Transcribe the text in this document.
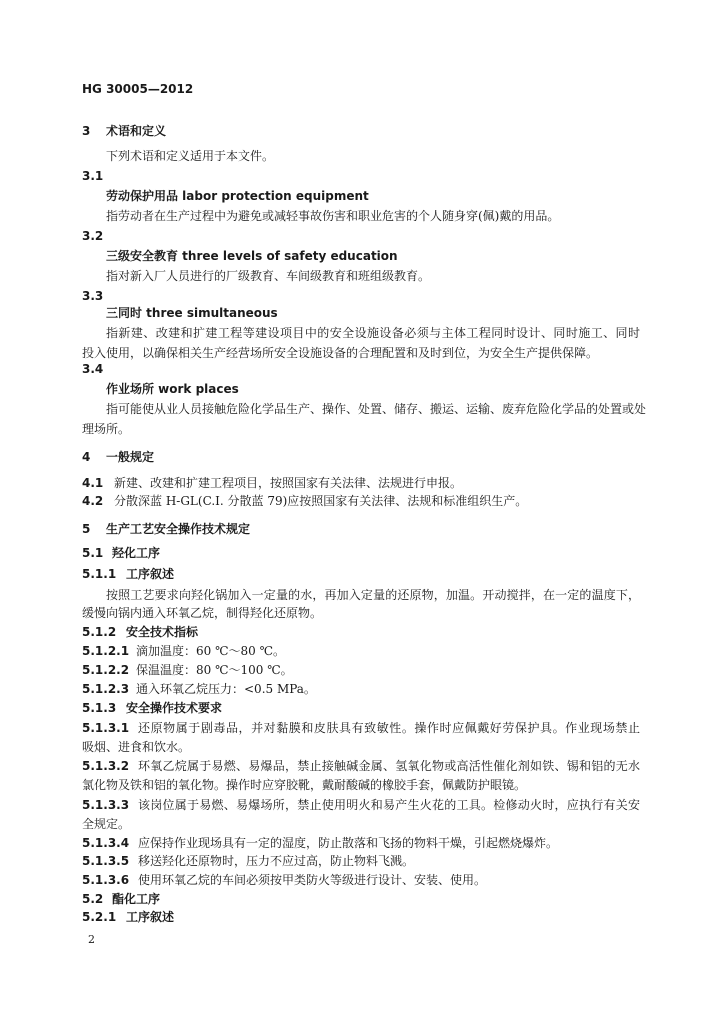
HG 30005—2012
3 术语和定义
下列术语和定义适用于本文件。
3.1
劳动保护用品 labor protection equipment
指劳动者在生产过程中为避免或减轻事故伤害和职业危害的个人随身穿(佩)戴的用品。
3.2
三级安全教育 three levels of safety education
指对新入厂人员进行的厂级教育、车间级教育和班组级教育。
3.3
三同时 three simultaneous
指新建、改建和扩建工程等建设项目中的安全设施设备必须与主体工程同时设计、同时施工、同时
投入使用，以确保相关生产经营场所安全设施设备的合理配置和及时到位，为安全生产提供保障。
3.4
作业场所 work places
指可能使从业人员接触危险化学品生产、操作、处置、储存、搬运、运输、废弃危险化学品的处置或处
理场所。
4 一般规定
4.1 新建、改建和扩建工程项目，按照国家有关法律、法规进行申报。
4.2 分散深蓝 H-GL(C.I. 分散蓝 79)应按照国家有关法律、法规和标准组织生产。
5 生产工艺安全操作技术规定
5.1 羟化工序
5.1.1 工序叙述
按照工艺要求向羟化锅加入一定量的水，再加入定量的还原物，加温。开动搅拌，在一定的温度下，
缓慢向锅内通入环氧乙烷，制得羟化还原物。
5.1.2 安全技术指标
5.1.2.1 滴加温度：60 ℃～80 ℃。
5.1.2.2 保温温度：80 ℃～100 ℃。
5.1.2.3 通入环氧乙烷压力：<0.5 MPa。
5.1.3 安全操作技术要求
5.1.3.1 还原物属于剧毒品，并对黏膜和皮肤具有致敏性。操作时应佩戴好劳保护具。作业现场禁止
吸烟、进食和饮水。
5.1.3.2 环氧乙烷属于易燃、易爆品，禁止接触碱金属、氢氧化物或高活性催化剂如铁、锡和铝的无水
氯化物及铁和铝的氧化物。操作时应穿胶靴，戴耐酸碱的橡胶手套，佩戴防护眼镜。
5.1.3.3 该岗位属于易燃、易爆场所，禁止使用明火和易产生火花的工具。检修动火时，应执行有关安
全规定。
5.1.3.4 应保持作业现场具有一定的湿度，防止散落和飞扬的物料干燥，引起燃烧爆炸。
5.1.3.5 移送羟化还原物时，压力不应过高，防止物料飞溅。
5.1.3.6 使用环氧乙烷的车间必须按甲类防火等级进行设计、安装、使用。
5.2 酯化工序
5.2.1 工序叙述
2
